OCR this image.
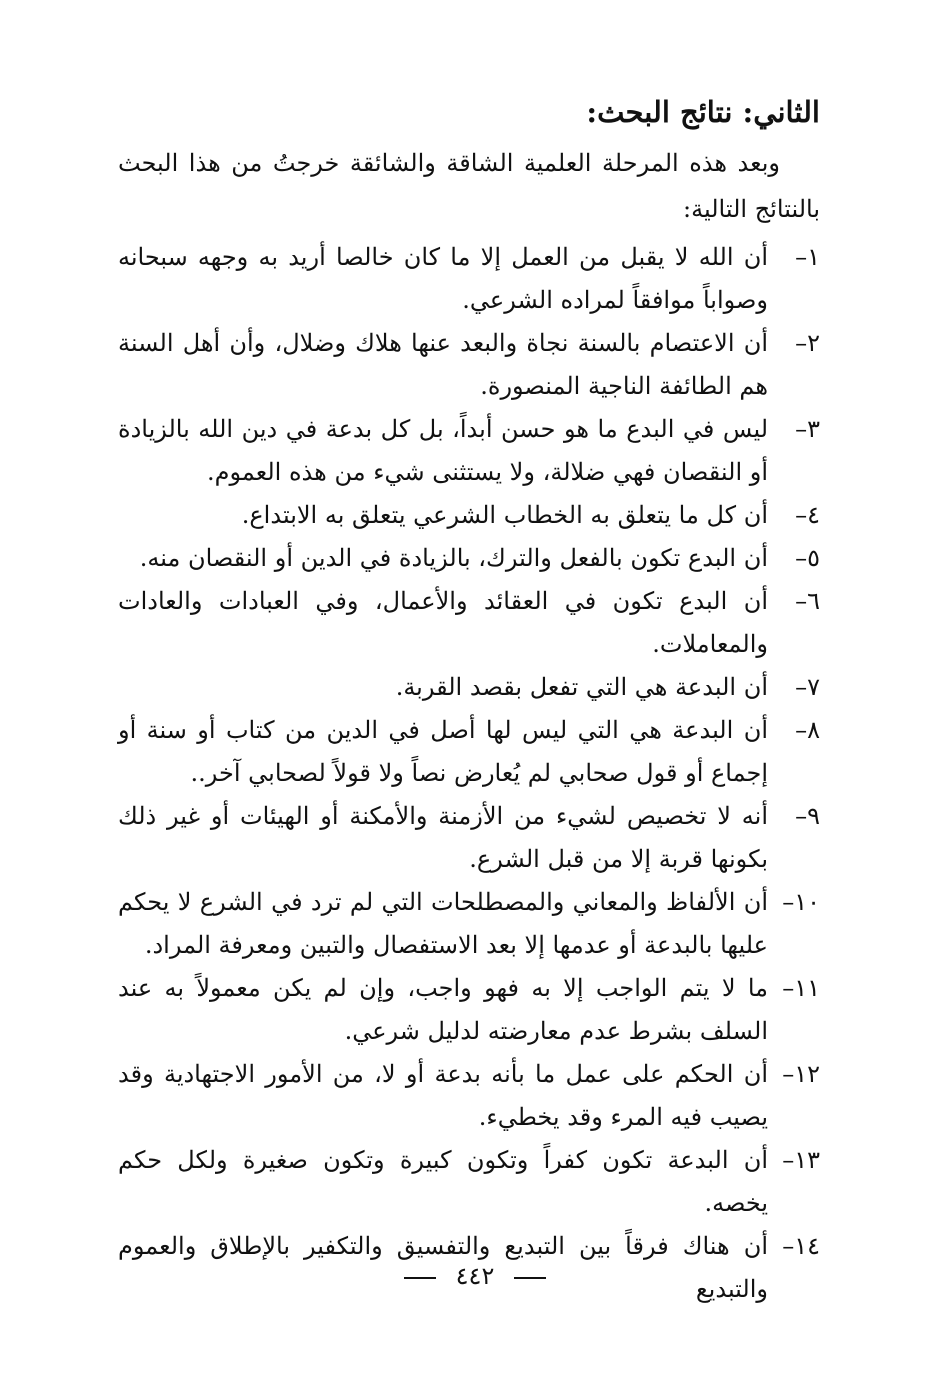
الثاني: نتائج البحث:

وبعد هذه المرحلة العلمية الشاقة والشائقة خرجتُ من هذا البحث بالنتائج التالية:

١–
أن الله لا يقبل من العمل إلا ما كان خالصا أريد به وجهه سبحانه وصواباً موافقاً لمراده الشرعي.
٢–
أن الاعتصام بالسنة نجاة والبعد عنها هلاك وضلال، وأن أهل السنة هم الطائفة الناجية المنصورة.
٣–
ليس في البدع ما هو حسن أبداً، بل كل بدعة في دين الله بالزيادة أو النقصان فهي ضلالة، ولا يستثنى شيء من هذه العموم.
٤–
أن كل ما يتعلق به الخطاب الشرعي يتعلق به الابتداع.
٥–
أن البدع تكون بالفعل والترك، بالزيادة في الدين أو النقصان منه.
٦–
أن البدع تكون في العقائد والأعمال، وفي العبادات والعادات والمعاملات.
٧–
أن البدعة هي التي تفعل بقصد القربة.
٨–
أن البدعة هي التي ليس لها أصل في الدين من كتاب أو سنة أو إجماع أو قول صحابي لم يُعارض نصاً ولا قولاً لصحابي آخر..
٩–
أنه لا تخصيص لشيء من الأزمنة والأمكنة أو الهيئات أو غير ذلك بكونها قربة إلا من قبل الشرع.
١٠–
أن الألفاظ والمعاني والمصطلحات التي لم ترد في الشرع لا يحكم عليها بالبدعة أو عدمها إلا بعد الاستفصال والتبين ومعرفة المراد.
١١–
ما لا يتم الواجب إلا به فهو واجب، وإن لم يكن معمولاً به عند السلف بشرط عدم معارضته لدليل شرعي.
١٢–
أن الحكم على عمل ما بأنه بدعة أو لا، من الأمور الاجتهادية وقد يصيب فيه المرء وقد يخطيء.
١٣–
أن البدعة تكون كفراً وتكون كبيرة وتكون صغيرة ولكل حكم يخصه.
١٤–
أن هناك فرقاً بين التبديع والتفسيق والتكفير بالإطلاق والعموم والتبديع
٤٤٢
